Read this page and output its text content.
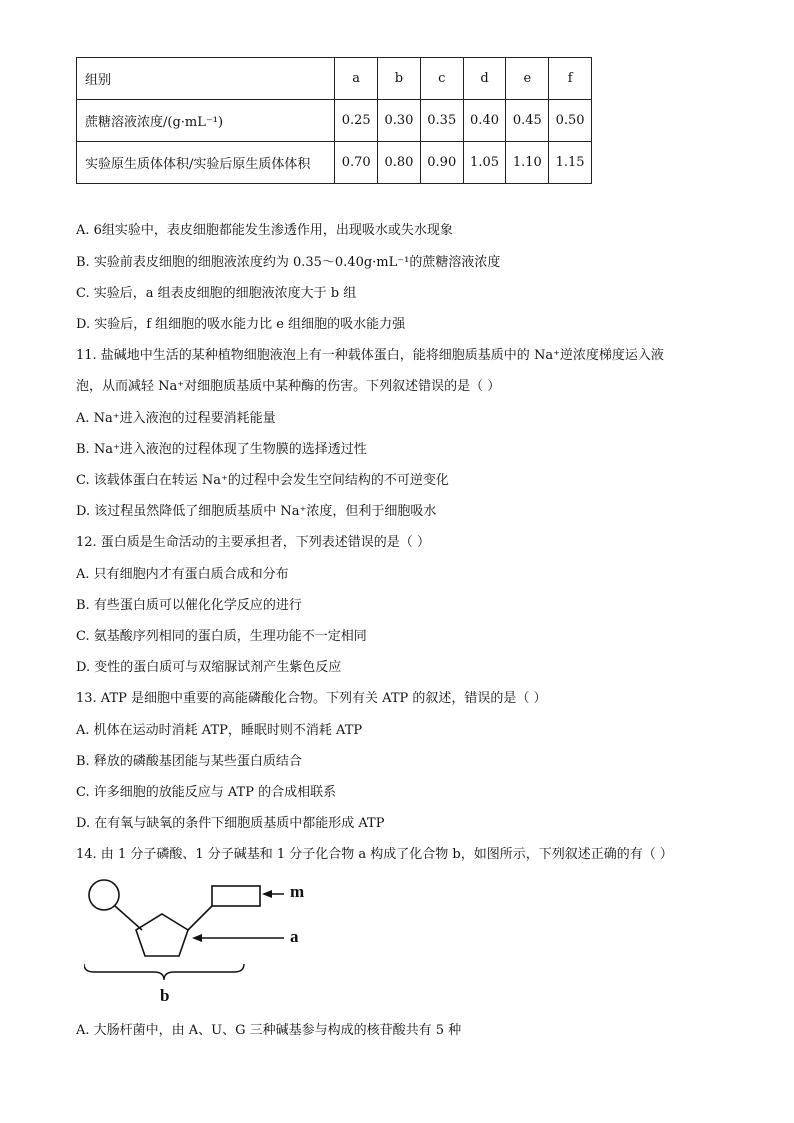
组别	a	b	c	d	e	f
蔗糖溶液浓度/(g·mL⁻¹)	0.25	0.30	0.35	0.40	0.45	0.50
实验原生质体体积/实验后原生质体体积	0.70	0.80	0.90	1.05	1.10	1.15
A. 6组实验中，表皮细胞都能发生渗透作用，出现吸水或失水现象
B. 实验前表皮细胞的细胞液浓度约为 0.35～0.40g·mL⁻¹的蔗糖溶液浓度
C. 实验后，a 组表皮细胞的细胞液浓度大于 b 组
D. 实验后，f 组细胞的吸水能力比 e 组细胞的吸水能力强
11. 盐碱地中生活的某种植物细胞液泡上有一种载体蛋白，能将细胞质基质中的 Na⁺逆浓度梯度运入液
泡，从而减轻 Na⁺对细胞质基质中某种酶的伤害。下列叙述错误的是（ ）
A. Na⁺进入液泡的过程要消耗能量
B. Na⁺进入液泡的过程体现了生物膜的选择透过性
C. 该载体蛋白在转运 Na⁺的过程中会发生空间结构的不可逆变化
D. 该过程虽然降低了细胞质基质中 Na⁺浓度，但利于细胞吸水
12. 蛋白质是生命活动的主要承担者，下列表述错误的是（ ）
A. 只有细胞内才有蛋白质合成和分布
B. 有些蛋白质可以催化化学反应的进行
C. 氨基酸序列相同的蛋白质，生理功能不一定相同
D. 变性的蛋白质可与双缩脲试剂产生紫色反应
13. ATP 是细胞中重要的高能磷酸化合物。下列有关 ATP 的叙述，错误的是（ ）
A. 机体在运动时消耗 ATP，睡眠时则不消耗 ATP
B. 释放的磷酸基团能与某些蛋白质结合
C. 许多细胞的放能反应与 ATP 的合成相联系
D. 在有氧与缺氧的条件下细胞质基质中都能形成 ATP
14. 由 1 分子磷酸、1 分子碱基和 1 分子化合物 a 构成了化合物 b，如图所示，下列叙述正确的有（ ）
m
a
b
A. 大肠杆菌中，由 A、U、G 三种碱基参与构成的核苷酸共有 5 种
